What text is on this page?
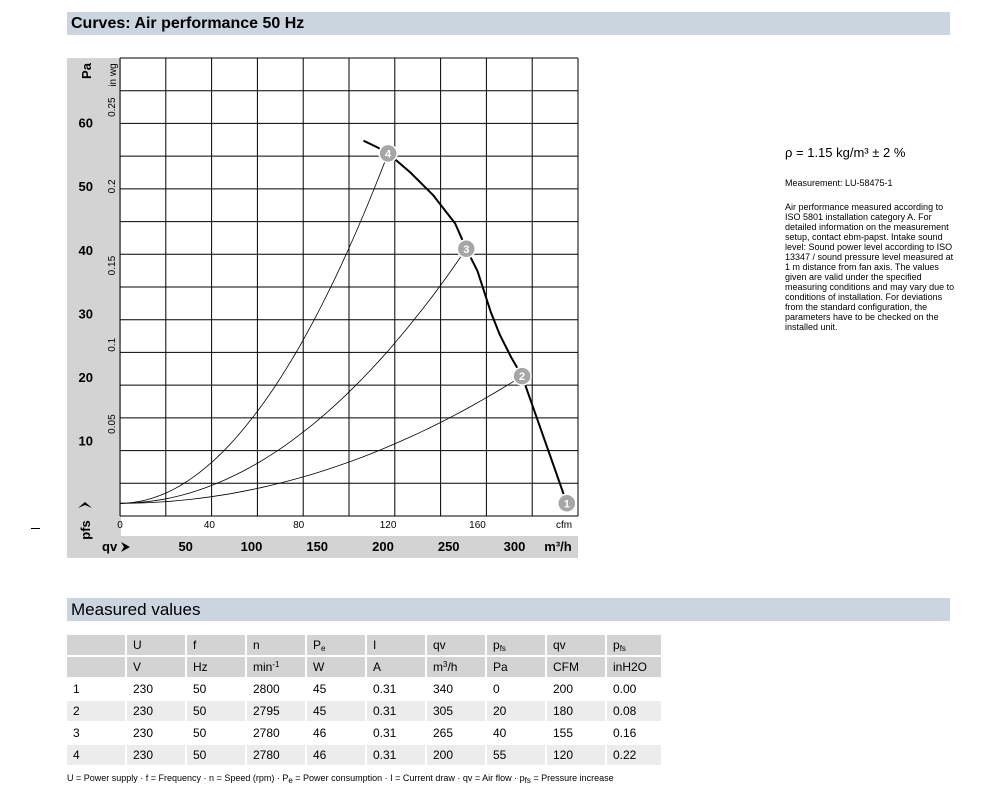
Curves: Air performance 50 Hz
10
20
30
40
50
60
0.05
0.1
0.15
0.2
0.25
Pa in wg
pfs 0	40	80	120	160	cfm
50	100	150	200	250	300 m³/h
qv
1
2
3
4	ρ = 1.15 kg/m³ ± 2 %
Measurement: LU-58475-1
Air performance measured according to ISO 5801 installation category A. For detailed information on the measurement setup, contact ebm-papst. Intake sound level: Sound power level according to ISO 13347 / sound pressure level measured at 1 m distance from fan axis. The values given are valid under the specified measuring conditions and may vary due to conditions of installation. For deviations from the standard configuration, the parameters have to be checked on the installed unit.
Measured values
	U	f	n	$P_e$	I	qv	$p_{fs}$	qv	$p_{fs}$
	V	Hz	$\min^{-1}$	W	A	$m^3/h$	Pa	CFM	inH2O
1	230	50	2800	45	0.31	340	0	200	0.00
2	230	50	2795	45	0.31	305	20	180	0.08
3	230	50	2780	46	0.31	265	40	155	0.16
4	230	50	2780	46	0.31	200	55	120	0.22
U = Power supply · f = Frequency · n = Speed $(rpm) \cdot P_e$ = Power consumption · I = Current draw · qv = Air flow · $p_{fs}$ = Pressure increase
